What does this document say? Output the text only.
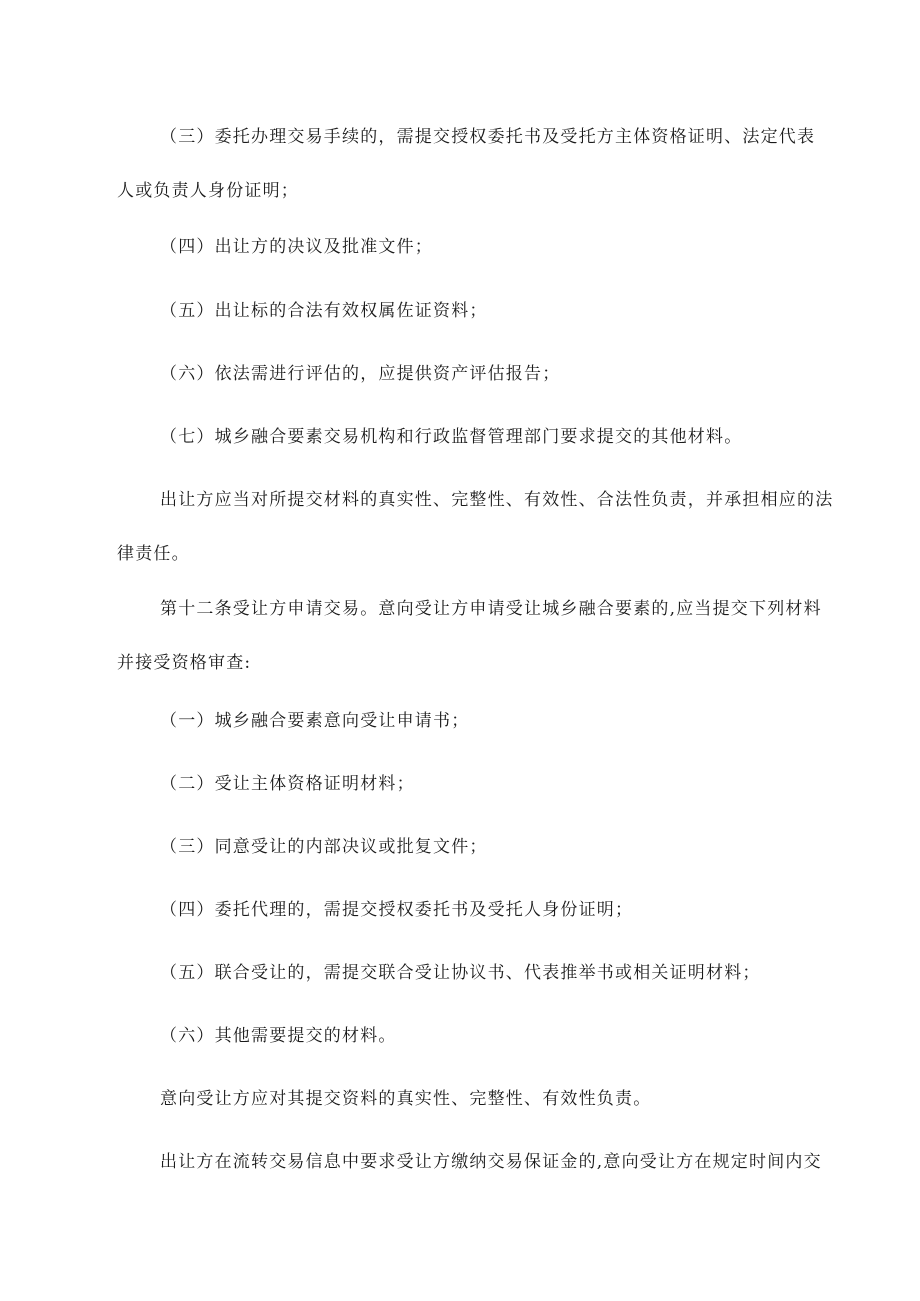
（三）委托办理交易手续的，需提交授权委托书及受托方主体资格证明、法定代表
人或负责人身份证明；
（四）出让方的决议及批准文件；
（五）出让标的合法有效权属佐证资料；
（六）依法需进行评估的，应提供资产评估报告；
（七）城乡融合要素交易机构和行政监督管理部门要求提交的其他材料。
出让方应当对所提交材料的真实性、完整性、有效性、合法性负责，并承担相应的法
律责任。
第十二条受让方申请交易。意向受让方申请受让城乡融合要素的,应当提交下列材料
并接受资格审查:
（一）城乡融合要素意向受让申请书；
（二）受让主体资格证明材料；
（三）同意受让的内部决议或批复文件；
（四）委托代理的，需提交授权委托书及受托人身份证明；
（五）联合受让的，需提交联合受让协议书、代表推举书或相关证明材料；
（六）其他需要提交的材料。
意向受让方应对其提交资料的真实性、完整性、有效性负责。
出让方在流转交易信息中要求受让方缴纳交易保证金的,意向受让方在规定时间内交
